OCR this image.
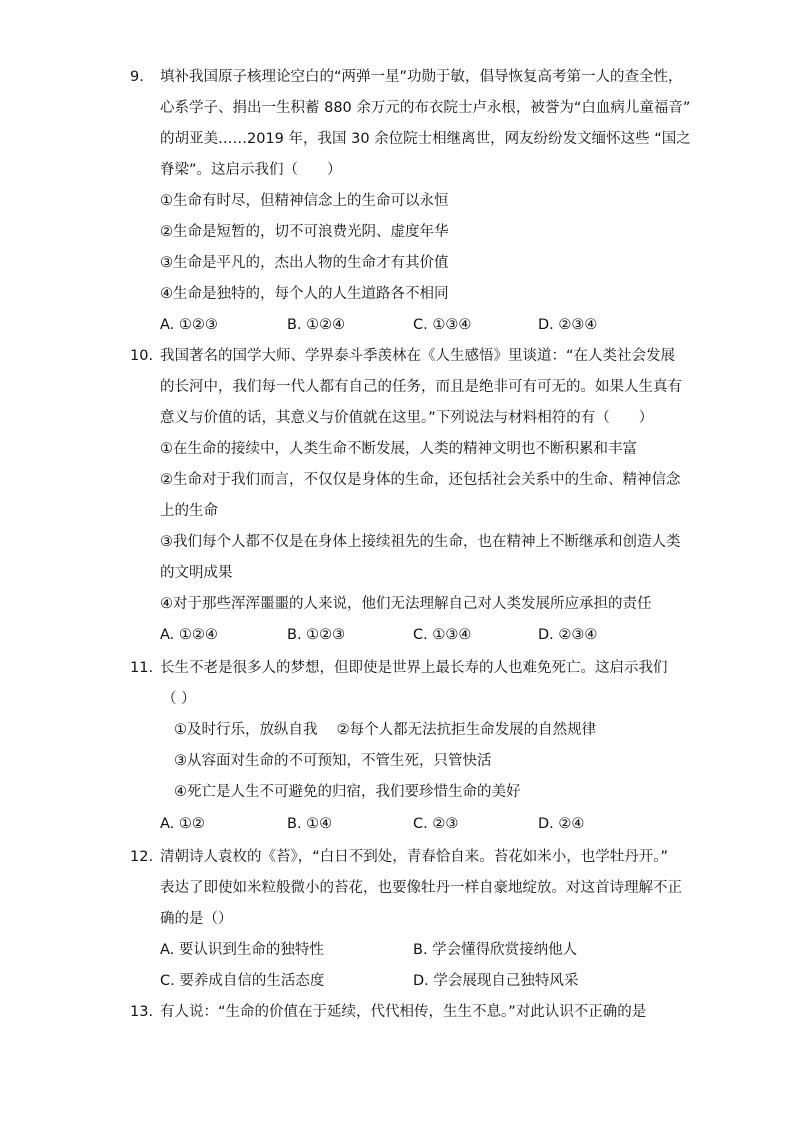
9. 填补我国原子核理论空白的“两弹一星”功勋于敏，倡导恢复高考第一人的查全性，
心系学子、捐出一生积蓄 880 余万元的布衣院士卢永根，被誉为“白血病儿童福音”
的胡亚美……2019 年，我国 30 余位院士相继离世，网友纷纷发文缅怀这些 “国之
脊梁”。这启示我们（　　）
①生命有时尽，但精神信念上的生命可以永恒
②生命是短暂的，切不可浪费光阴、虚度年华
③生命是平凡的，杰出人物的生命才有其价值
④生命是独特的，每个人的人生道路各不相同
A. ①②③	B. ①②④	C. ①③④	D. ②③④
10. 我国著名的国学大师、学界泰斗季羡林在《人生感悟》里谈道：“在人类社会发展
的长河中，我们每一代人都有自己的任务，而且是绝非可有可无的。如果人生真有
意义与价值的话，其意义与价值就在这里。”下列说法与材料相符的有（　　）
①在生命的接续中，人类生命不断发展，人类的精神文明也不断积累和丰富
②生命对于我们而言，不仅仅是身体的生命，还包括社会关系中的生命、精神信念
上的生命
③我们每个人都不仅是在身体上接续祖先的生命，也在精神上不断继承和创造人类
的文明成果
④对于那些浑浑噩噩的人来说，他们无法理解自己对人类发展所应承担的责任
A. ①②④	B. ①②③	C. ①③④	D. ②③④
11. 长生不老是很多人的梦想，但即使是世界上最长寿的人也难免死亡。这启示我们
（ ）
①及时行乐，放纵自我　 ②每个人都无法抗拒生命发展的自然规律
③从容面对生命的不可预知，不管生死，只管快活
④死亡是人生不可避免的归宿，我们要珍惜生命的美好
A. ①②	B. ①④	C. ②③	D. ②④
12. 清朝诗人袁枚的《苔》，“白日不到处，青春恰自来。苔花如米小，也学牡丹开。”
表达了即使如米粒般微小的苔花，也要像牡丹一样自豪地绽放。对这首诗理解不正
确的是（）
A. 要认识到生命的独特性	B. 学会懂得欣赏接纳他人
C. 要养成自信的生活态度	D. 学会展现自己独特风采
13. 有人说：“生命的价值在于延续，代代相传，生生不息。”对此认识不正确的是
